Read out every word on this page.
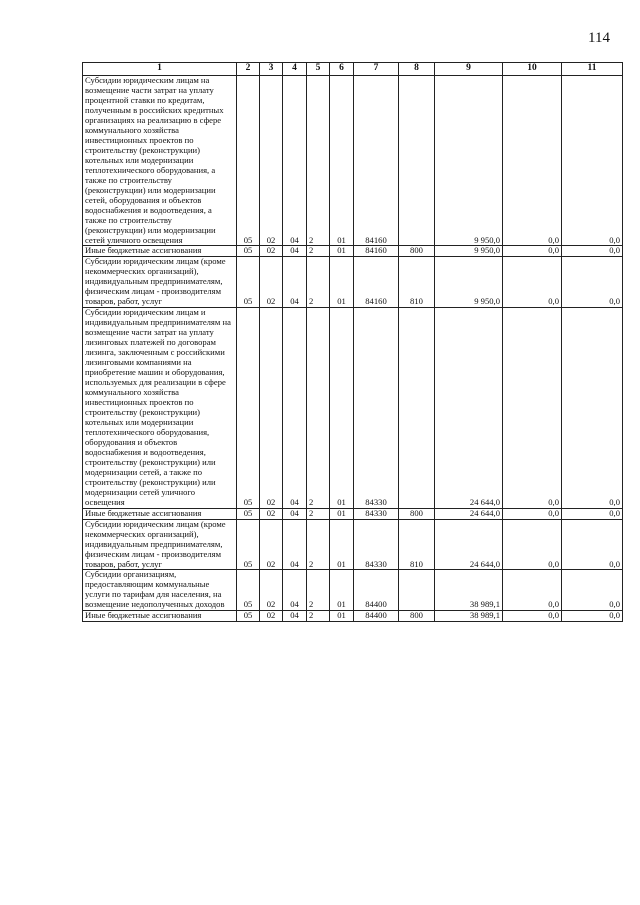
114
1	2	3	4	5	6	7	8	9	10	11

Субсидии юридическим лицам на возмещение части затрат на уплату процентной ставки по кредитам, полученным в российских кредитных организациях на реализацию в сфере коммунального хозяйства инвестиционных проектов по строительству (реконструкции) котельных или модернизации теплотехнического оборудования, а также по строительству (реконструкции) или модернизации сетей, оборудования и объектов водоснабжения и водоотведения, а также по строительству (реконструкции) или модернизации сетей уличного освещения	05	02	04	2	01	84160		9 950,0	0,0	0,0

Иные бюджетные ассигнования	05	02	04	2	01	84160	800	9 950,0	0,0	0,0

Субсидии юридическим лицам (кроме некоммерческих организаций), индивидуальным предпринимателям, физическим лицам - производителям товаров, работ, услуг	05	02	04	2	01	84160	810	9 950,0	0,0	0,0

Субсидии юридическим лицам и индивидуальным предпринимателям на возмещение части затрат на уплату лизинговых платежей по договорам лизинга, заключенным с российскими лизинговыми компаниями на приобретение машин и оборудования, используемых для реализации в сфере коммунального хозяйства инвестиционных проектов по строительству (реконструкции) котельных или модернизации теплотехнического оборудования, оборудования и объектов водоснабжения и водоотведения, строительству (реконструкции) или модернизации сетей, а также по строительству (реконструкции) или модернизации сетей уличного освещения	05	02	04	2	01	84330		24 644,0	0,0	0,0

Иные бюджетные ассигнования	05	02	04	2	01	84330	800	24 644,0	0,0	0,0

Субсидии юридическим лицам (кроме некоммерческих организаций), индивидуальным предпринимателям, физическим лицам - производителям товаров, работ, услуг	05	02	04	2	01	84330	810	24 644,0	0,0	0,0

Субсидии организациям, предоставляющим коммунальные услуги по тарифам для населения, на возмещение недополученных доходов	05	02	04	2	01	84400		38 989,1	0,0	0,0

Иные бюджетные ассигнования	05	02	04	2	01	84400	800	38 989,1	0,0	0,0
